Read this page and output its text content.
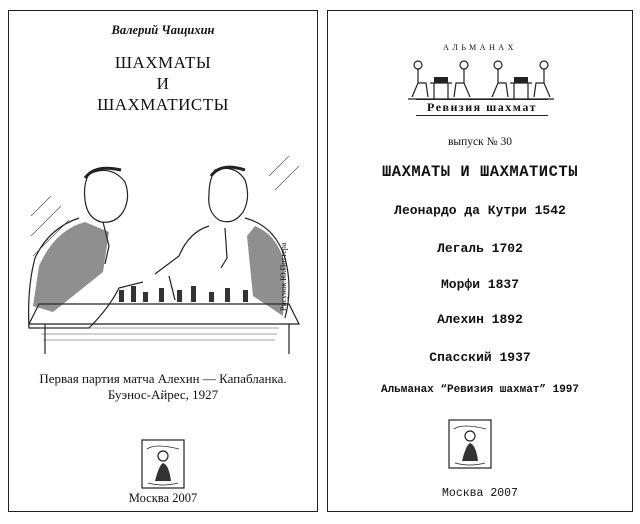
Валерий Чащихин
ШАХМАТЫ
И
ШАХМАТИСТЫ
Рисунок Ю.Поттера
Первая партия матча Алехин — Капабланка.
Буэнос-Айрес, 1927
Москва 2007
АЛЬМАНАХ
Ревизия шахмат
выпуск № 30
ШАХМАТЫ И ШАХМАТИСТЫ
Леонардо да Кутри 1542
Легаль 1702
Морфи 1837
Алехин 1892
Спасский 1937
Альманах “Ревизия шахмат” 1997
Москва 2007
